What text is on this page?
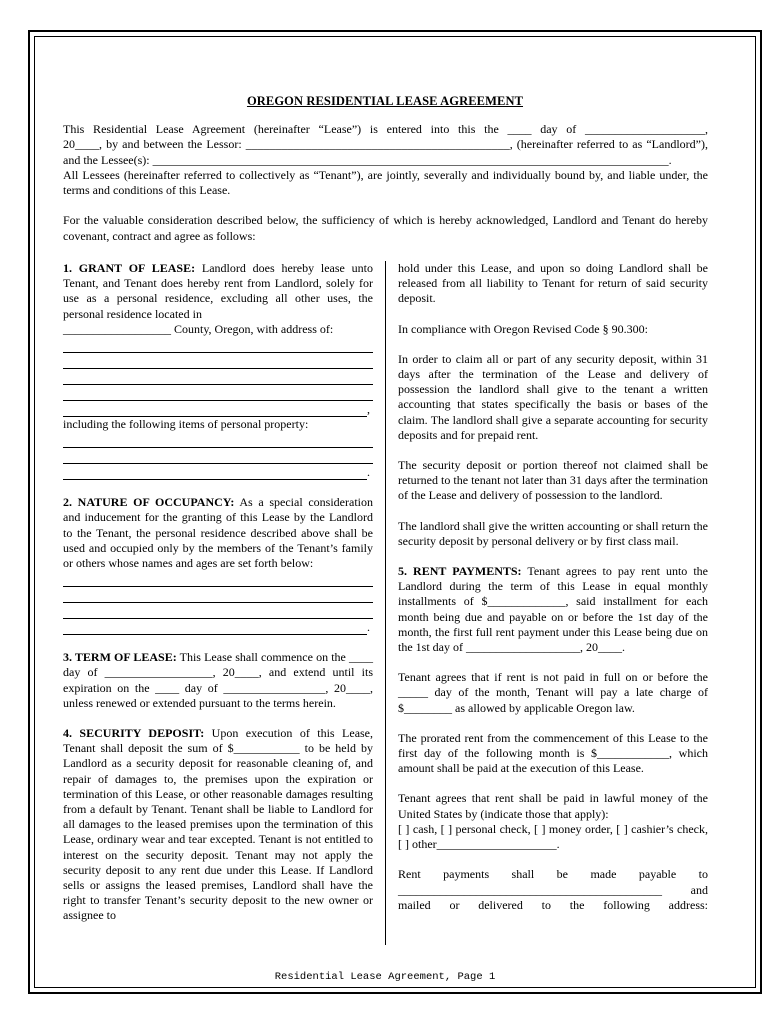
OREGON RESIDENTIAL LEASE AGREEMENT
This Residential Lease Agreement (hereinafter “Lease”) is entered into this the ____ day of ____________________,
20____, by and between the Lessor: ____________________________________________, (hereinafter referred to as “Landlord”),
and the Lessee(s): ______________________________________________________________________________________.
All Lessees (hereinafter referred to collectively as “Tenant”), are jointly, severally and individually bound by, and liable under, the terms and conditions of this Lease.
For the valuable consideration described below, the sufficiency of which is hereby acknowledged, Landlord and Tenant do hereby covenant, contract and agree as follows:
1. GRANT OF LEASE: Landlord does hereby lease unto Tenant, and Tenant does hereby rent from Landlord, solely for use as a personal residence, excluding all other uses, the personal residence located in
__________________ County, Oregon, with address of:
,
including the following items of personal property:
.
2. NATURE OF OCCUPANCY: As a special consideration and inducement for the granting of this Lease by the Landlord to the Tenant, the personal residence described above shall be used and occupied only by the members of the Tenant’s family or others whose names and ages are set forth below:
.
3. TERM OF LEASE: This Lease shall commence on the ____ day of __________________, 20____, and extend until its expiration on the ____ day of _________________, 20____, unless renewed or extended pursuant to the terms herein.
4. SECURITY DEPOSIT: Upon execution of this Lease, Tenant shall deposit the sum of $___________ to be held by Landlord as a security deposit for reasonable cleaning of, and repair of damages to, the premises upon the expiration or termination of this Lease, or other reasonable damages resulting from a default by Tenant. Tenant shall be liable to Landlord for all damages to the leased premises upon the termination of this Lease, ordinary wear and tear excepted. Tenant is not entitled to interest on the security deposit. Tenant may not apply the security deposit to any rent due under this Lease. If Landlord sells or assigns the leased premises, Landlord shall have the right to transfer Tenant’s security deposit to the new owner or assignee to
hold under this Lease, and upon so doing Landlord shall be released from all liability to Tenant for return of said security deposit.
In compliance with Oregon Revised Code § 90.300:
In order to claim all or part of any security deposit, within 31 days after the termination of the Lease and delivery of possession the landlord shall give to the tenant a written accounting that states specifically the basis or bases of the claim. The landlord shall give a separate accounting for security deposits and for prepaid rent.
The security deposit or portion thereof not claimed shall be returned to the tenant not later than 31 days after the termination of the Lease and delivery of possession to the landlord.
The landlord shall give the written accounting or shall return the security deposit by personal delivery or by first class mail.
5. RENT PAYMENTS: Tenant agrees to pay rent unto the Landlord during the term of this Lease in equal monthly installments of $_____________, said installment for each month being due and payable on or before the 1st day of the month, the first full rent payment under this Lease being due on the 1st day of ___________________, 20____.
Tenant agrees that if rent is not paid in full on or before the _____ day of the month, Tenant will pay a late charge of $________ as allowed by applicable Oregon law.
The prorated rent from the commencement of this Lease to the first day of the following month is $____________, which amount shall be paid at the execution of this Lease.
Tenant agrees that rent shall be paid in lawful money of the United States by (indicate those that apply):
[ ] cash, [ ] personal check, [ ] money order, [ ] cashier’s check, [ ] other____________________.
Rent payments shall be made payable to ____________________________________________ and mailed or delivered to the following address:
Residential Lease Agreement, Page 1
